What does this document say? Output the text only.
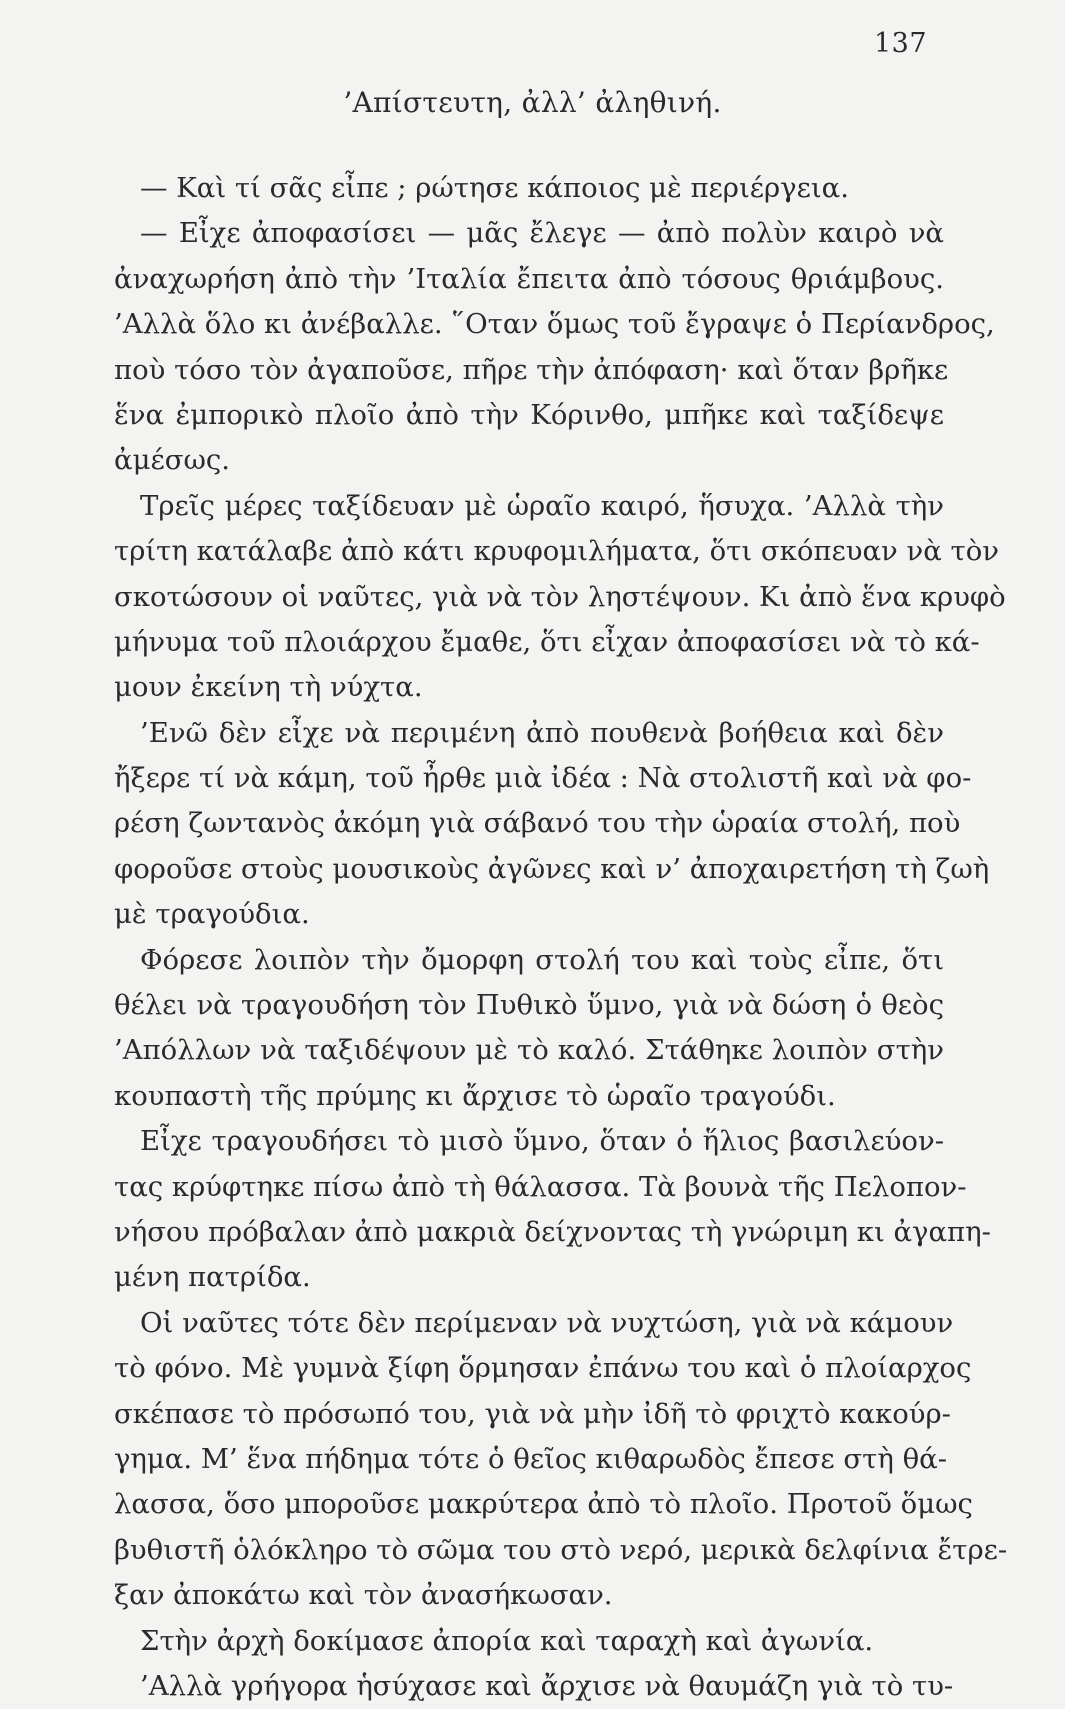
137
’Απίστευτη, ἀλλ’ ἀληθινή.
— Καὶ τί σᾶς εἶπε ; ρώτησε κάποιος μὲ περιέργεια.
— Εἶχε ἀποφασίσει — μᾶς ἔλεγε — ἀπὸ πολὺν καιρὸ νὰ
ἀναχωρήση ἀπὸ τὴν ’Ιταλία ἔπειτα ἀπὸ τόσους θριάμβους.
’Αλλὰ ὅλο κι ἀνέβαλλε. ῞Οταν ὅμως τοῦ ἔγραψε ὁ Περίανδρος,
ποὺ τόσο τὸν ἀγαποῦσε, πῆρε τὴν ἀπόφαση· καὶ ὅταν βρῆκε
ἕνα ἐμπορικὸ πλοῖο ἀπὸ τὴν Κόρινθο, μπῆκε καὶ ταξίδεψε
ἀμέσως.
Τρεῖς μέρες ταξίδευαν μὲ ὡραῖο καιρό, ἥσυχα. ’Αλλὰ τὴν
τρίτη κατάλαβε ἀπὸ κάτι κρυφομιλήματα, ὅτι σκόπευαν νὰ τὸν
σκοτώσουν οἱ ναῦτες, γιὰ νὰ τὸν ληστέψουν. Κι ἀπὸ ἕνα κρυφὸ
μήνυμα τοῦ πλοιάρχου ἔμαθε, ὅτι εἶχαν ἀποφασίσει νὰ τὸ κά-
μουν ἐκείνη τὴ νύχτα.
’Ενῶ δὲν εἶχε νὰ περιμένη ἀπὸ πουθενὰ βοήθεια καὶ δὲν
ἤξερε τί νὰ κάμη, τοῦ ἦρθε μιὰ ἰδέα : Νὰ στολιστῆ καὶ νὰ φο-
ρέση ζωντανὸς ἀκόμη γιὰ σάβανό του τὴν ὡραία στολή, ποὺ
φοροῦσε στοὺς μουσικοὺς ἀγῶνες καὶ ν’ ἀποχαιρετήση τὴ ζωὴ
μὲ τραγούδια.
Φόρεσε λοιπὸν τὴν ὄμορφη στολή του καὶ τοὺς εἶπε, ὅτι
θέλει νὰ τραγουδήση τὸν Πυθικὸ ὕμνο, γιὰ νὰ δώση ὁ θεὸς
’Απόλλων νὰ ταξιδέψουν μὲ τὸ καλό. Στάθηκε λοιπὸν στὴν
κουπαστὴ τῆς πρύμης κι ἄρχισε τὸ ὡραῖο τραγούδι.
Εἶχε τραγουδήσει τὸ μισὸ ὕμνο, ὅταν ὁ ἥλιος βασιλεύον-
τας κρύφτηκε πίσω ἀπὸ τὴ θάλασσα. Τὰ βουνὰ τῆς Πελοπον-
νήσου πρόβαλαν ἀπὸ μακριὰ δείχνοντας τὴ γνώριμη κι ἀγαπη-
μένη πατρίδα.
Οἱ ναῦτες τότε δὲν περίμεναν νὰ νυχτώση, γιὰ νὰ κάμουν
τὸ φόνο. Μὲ γυμνὰ ξίφη ὅρμησαν ἐπάνω του καὶ ὁ πλοίαρχος
σκέπασε τὸ πρόσωπό του, γιὰ νὰ μὴν ἰδῆ τὸ φριχτὸ κακούρ-
γημα. Μ’ ἕνα πήδημα τότε ὁ θεῖος κιθαρωδὸς ἔπεσε στὴ θά-
λασσα, ὅσο μποροῦσε μακρύτερα ἀπὸ τὸ πλοῖο. Προτοῦ ὅμως
βυθιστῆ ὁλόκληρο τὸ σῶμα του στὸ νερό, μερικὰ δελφίνια ἔτρε-
ξαν ἀποκάτω καὶ τὸν ἀνασήκωσαν.
Στὴν ἀρχὴ δοκίμασε ἀπορία καὶ ταραχὴ καὶ ἀγωνία.
’Αλλὰ γρήγορα ἡσύχασε καὶ ἄρχισε νὰ θαυμάζη γιὰ τὸ τυ-
